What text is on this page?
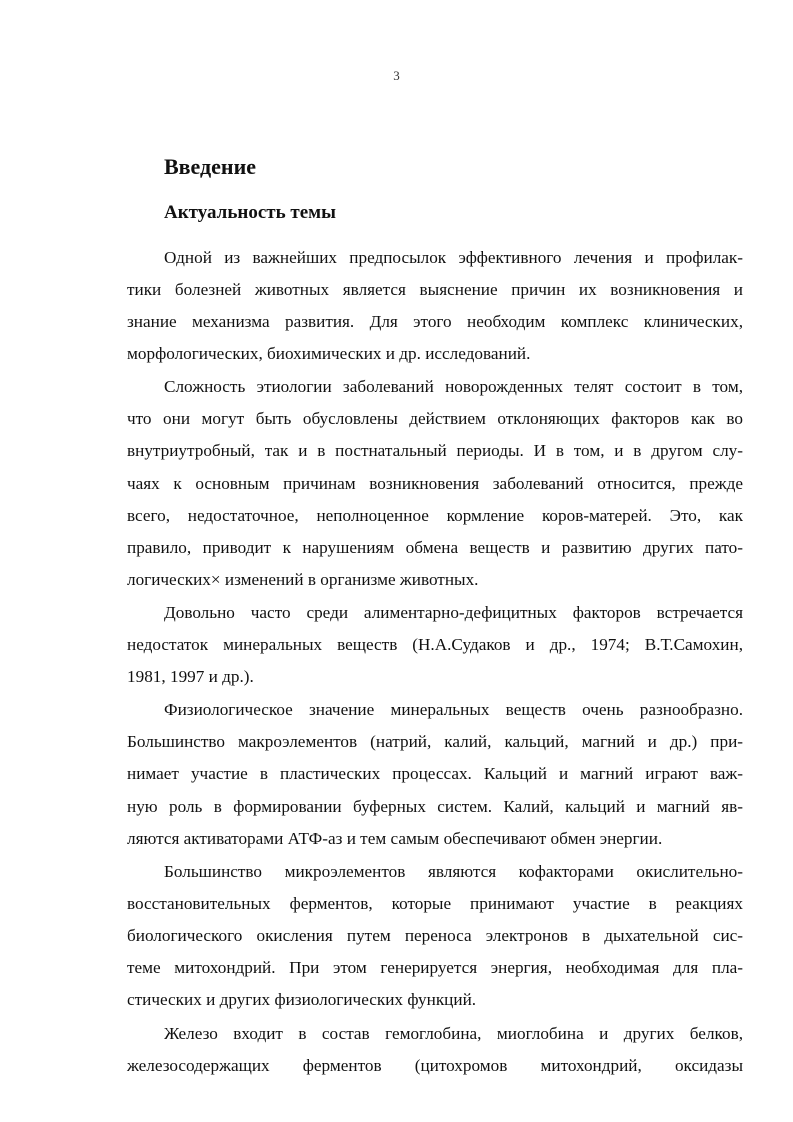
3
Введение
Актуальность темы
Одной из важнейших предпосылок эффективного лечения и профилак-
тики болезней животных является выяснение причин их возникновения и
знание механизма развития. Для этого необходим комплекс клинических,
морфологических, биохимических и др. исследований.
Сложность этиологии заболеваний новорожденных телят состоит в том,
что они могут быть обусловлены действием отклоняющих факторов как во
внутриутробный, так и в постнатальный периоды. И в том, и в другом слу-
чаях к основным причинам возникновения заболеваний относится, прежде
всего, недостаточное, неполноценное кормление коров-матерей. Это, как
правило, приводит к нарушениям обмена веществ и развитию других пато-
логических× изменений в организме животных.
Довольно часто среди алиментарно-дефицитных факторов встречается
недостаток минеральных веществ (Н.А.Судаков и др., 1974; В.Т.Самохин,
1981, 1997 и др.).
Физиологическое значение минеральных веществ очень разнообразно.
Большинство макроэлементов (натрий, калий, кальций, магний и др.) при-
нимает участие в пластических процессах. Кальций и магний играют важ-
ную роль в формировании буферных систем. Калий, кальций и магний яв-
ляются активаторами АТФ-аз и тем самым обеспечивают обмен энергии.
Большинство микроэлементов являются кофакторами окислительно-
восстановительных ферментов, которые принимают участие в реакциях
биологического окисления путем переноса электронов в дыхательной сис-
теме митохондрий. При этом генерируется энергия, необходимая для пла-
стических и других физиологических функций.
Железо входит в состав гемоглобина, миоглобина и других белков,
железосодержащих ферментов (цитохромов митохондрий, оксидазы
